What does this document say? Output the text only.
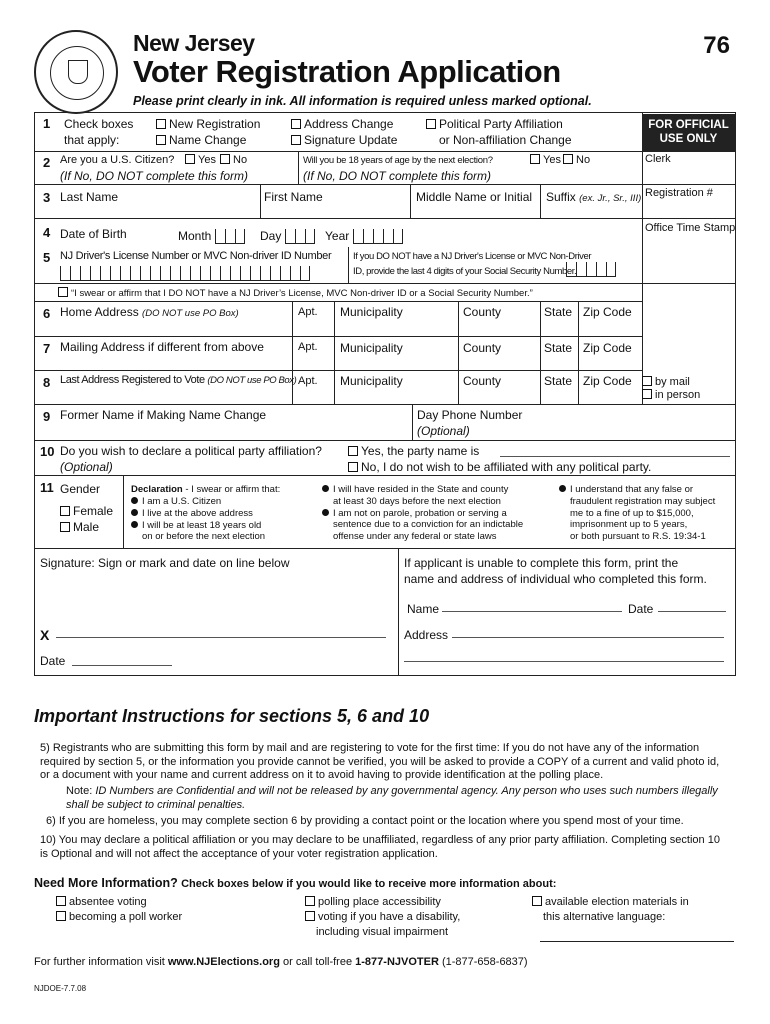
New Jersey
Voter Registration Application
76
Please print clearly in ink. All information is required unless marked optional.
FOR OFFICIAL USE ONLY
Clerk
Registration #
Office Time Stamp
by mail
in person
1 Check boxes
that apply:
New Registration
Name Change
Address Change
Signature Update
Political Party Affiliation
or Non-affiliation Change
2 Are you a U.S. Citizen?	Yes	No
(If No, DO NOT complete this form)
Will you be 18 years of age by the next election?	Yes	No
(If No, DO NOT complete this form)
3 Last Name	First Name	Middle Name or Initial Suffix (ex. Jr., Sr., III)
4 Date of Birth	Month	Day	Year
5 NJ Driver's License Number or MVC Non-driver ID Number If you DO NOT have a NJ Driver's License or MVC Non-Driver
ID, provide the last 4 digits of your Social Security Number.
“I swear or affirm that I DO NOT have a NJ Driver’s License, MVC Non-driver ID or a Social Security Number.”
6 Home Address (DO NOT use PO Box)	Apt. Municipality	County	State Zip Code
7 Mailing Address if different from above	Apt. Municipality	County	State Zip Code
8 Last Address Registered to Vote (DO NOT use PO Box) Apt. Municipality	County	State Zip Code
9 Former Name if Making Name Change	Day Phone Number
(Optional)
10 Do you wish to declare a political party affiliation?
(Optional)
Yes, the party name is
No, I do not wish to be affiliated with any political party.
11 Gender
Female
Male
Declaration - I swear or affirm that:
I am a U.S. Citizen
I live at the above address
I will be at least 18 years old
on or before the next election
I will have resided in the State and county
at least 30 days before the next election
I am not on parole, probation or serving a
sentence due to a conviction for an indictable
offense under any federal or state laws
I understand that any false or
fraudulent registration may subject
me to a fine of up to $15,000,
imprisonment up to 5 years,
or both pursuant to R.S. 19:34-1
Signature: Sign or mark and date on line below
X
Date
If applicant is unable to complete this form, print the
name and address of individual who completed this form.
Name	Date
Address
Important Instructions for sections 5, 6 and 10
5) Registrants who are submitting this form by mail and are registering to vote for the first time: If you do not have any of the information required by section 5, or the information you provide cannot be verified, you will be asked to provide a COPY of a current and valid photo id, or a document with your name and current address on it to avoid having to provide identification at the polling place.
Note: ID Numbers are Confidential and will not be released by any governmental agency. Any person who uses such numbers illegally shall be subject to criminal penalties.
6) If you are homeless, you may complete section 6 by providing a contact point or the location where you spend most of your time.
10) You may declare a political affiliation or you may declare to be unaffiliated, regardless of any prior party affiliation. Completing section 10 is Optional and will not affect the acceptance of your voter registration application.
Need More Information? Check boxes below if you would like to receive more information about:
absentee voting
becoming a poll worker
polling place accessibility
voting if you have a disability,
including visual impairment
available election materials in
this alternative language:
For further information visit www.NJElections.org or call toll-free 1-877-NJVOTER (1-877-658-6837)
NJDOE-7.7.08
